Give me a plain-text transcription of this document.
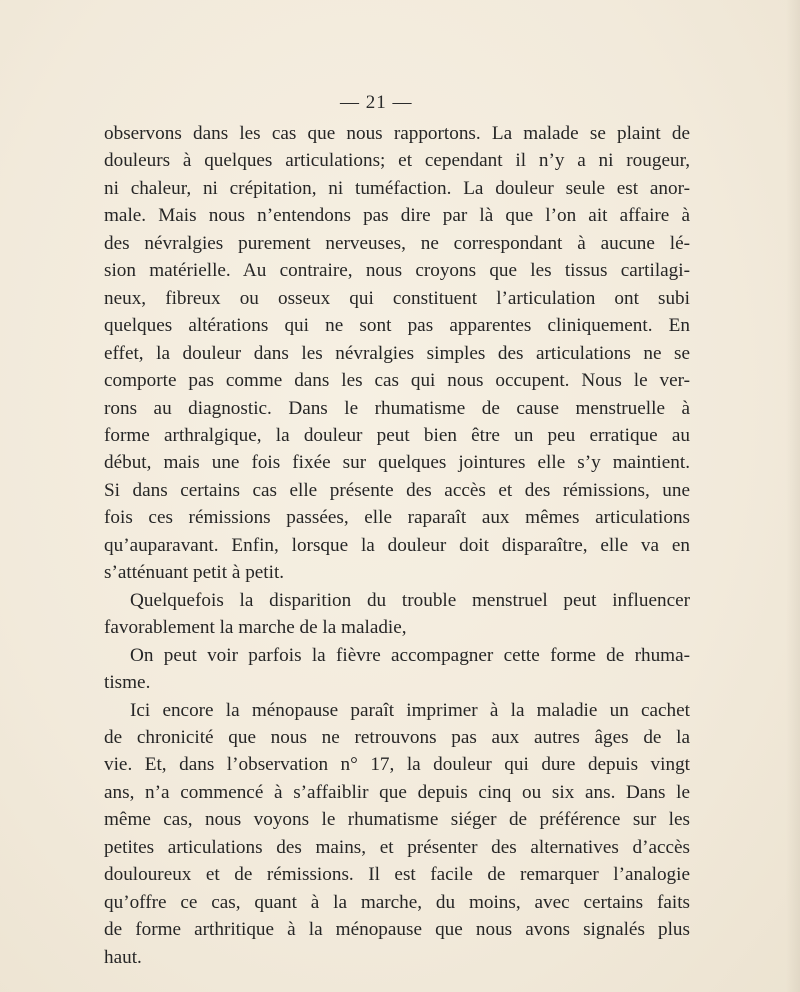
— 21 —

observons dans les cas que nous rapportons. La malade se plaint de
douleurs à quelques articulations; et cependant il n’y a ni rougeur,
ni chaleur, ni crépitation, ni tuméfaction. La douleur seule est anor-
male. Mais nous n’entendons pas dire par là que l’on ait affaire à
des névralgies purement nerveuses, ne correspondant à aucune lé-
sion matérielle. Au contraire, nous croyons que les tissus cartilagi-
neux, fibreux ou osseux qui constituent l’articulation ont subi
quelques altérations qui ne sont pas apparentes cliniquement. En
effet, la douleur dans les névralgies simples des articulations ne se
comporte pas comme dans les cas qui nous occupent. Nous le ver-
rons au diagnostic. Dans le rhumatisme de cause menstruelle à
forme arthralgique, la douleur peut bien être un peu erratique au
début, mais une fois fixée sur quelques jointures elle s’y maintient.
Si dans certains cas elle présente des accès et des rémissions, une
fois ces rémissions passées, elle raparaît aux mêmes articulations
qu’auparavant. Enfin, lorsque la douleur doit disparaître, elle va en
s’atténuant petit à petit.

Quelquefois la disparition du trouble menstruel peut influencer
favorablement la marche de la maladie,

On peut voir parfois la fièvre accompagner cette forme de rhuma-
tisme.

Ici encore la ménopause paraît imprimer à la maladie un cachet
de chronicité que nous ne retrouvons pas aux autres âges de la
vie. Et, dans l’observation n° 17, la douleur qui dure depuis vingt
ans, n’a commencé à s’affaiblir que depuis cinq ou six ans. Dans le
même cas, nous voyons le rhumatisme siéger de préférence sur les
petites articulations des mains, et présenter des alternatives d’accès
douloureux et de rémissions. Il est facile de remarquer l’analogie
qu’offre ce cas, quant à la marche, du moins, avec certains faits
de forme arthritique à la ménopause que nous avons signalés plus
haut.
